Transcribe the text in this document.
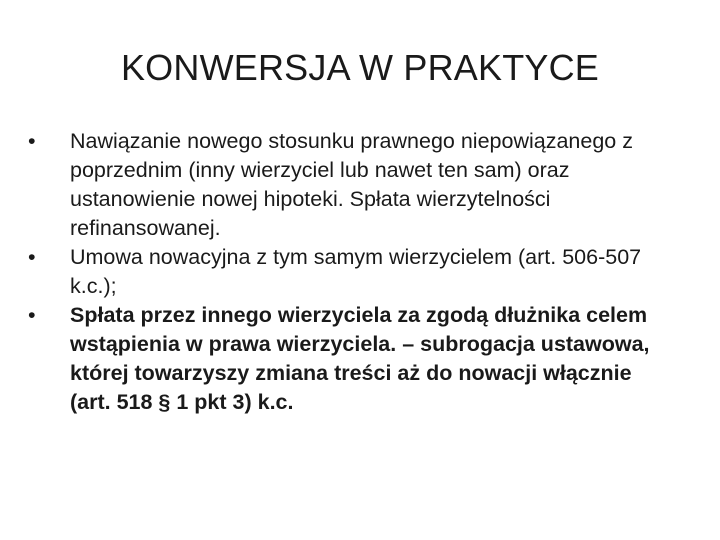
KONWERSJA W PRAKTYCE
•	Nawiązanie nowego stosunku prawnego niepowiązanego z poprzednim (inny wierzyciel lub nawet ten sam) oraz ustanowienie nowej hipoteki. Spłata wierzytelności refinansowanej.
•	Umowa nowacyjna z tym samym wierzycielem (art. 506-507 k.c.);
•	Spłata przez innego wierzyciela za zgodą dłużnika celem wstąpienia w prawa wierzyciela. – subrogacja ustawowa, której towarzyszy zmiana treści aż do nowacji włącznie (art. 518 § 1 pkt 3) k.c.
